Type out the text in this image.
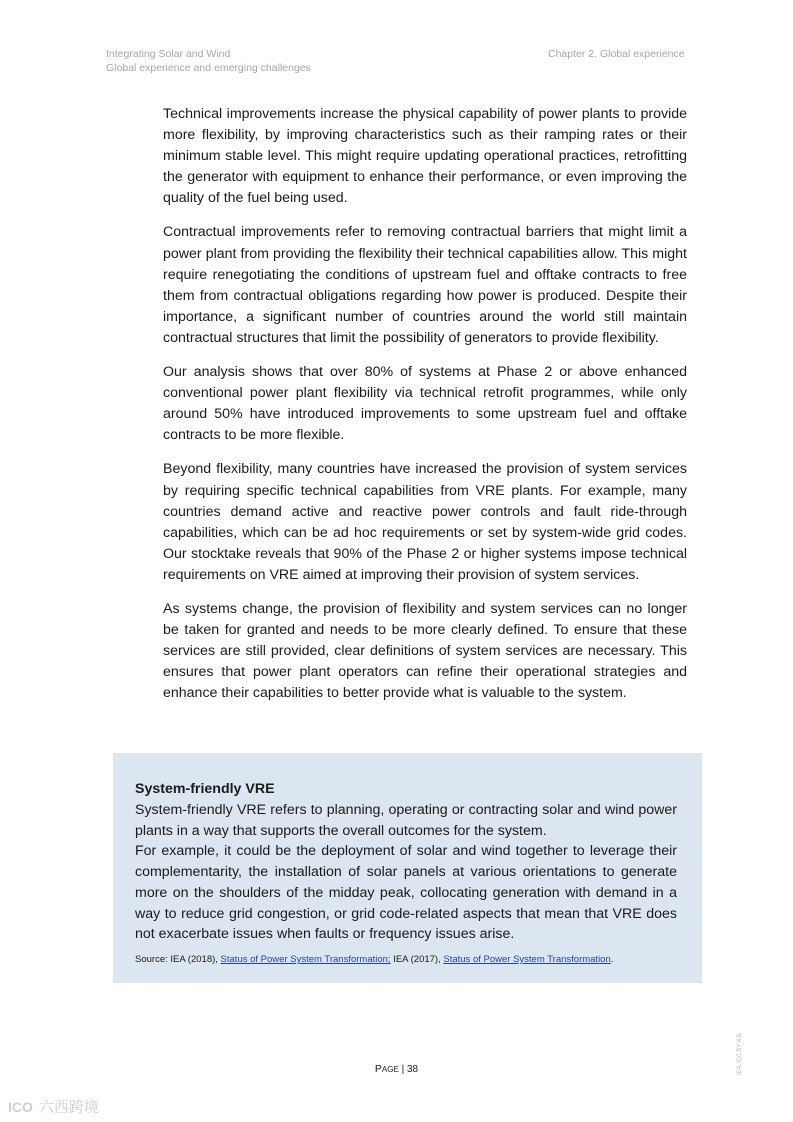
Integrating Solar and Wind
Global experience and emerging challenges
Chapter 2. Global experience

Technical improvements increase the physical capability of power plants to provide more flexibility, by improving characteristics such as their ramping rates or their minimum stable level. This might require updating operational practices, retrofitting the generator with equipment to enhance their performance, or even improving the quality of the fuel being used.

Contractual improvements refer to removing contractual barriers that might limit a power plant from providing the flexibility their technical capabilities allow. This might require renegotiating the conditions of upstream fuel and offtake contracts to free them from contractual obligations regarding how power is produced. Despite their importance, a significant number of countries around the world still maintain contractual structures that limit the possibility of generators to provide flexibility.

Our analysis shows that over 80% of systems at Phase 2 or above enhanced conventional power plant flexibility via technical retrofit programmes, while only around 50% have introduced improvements to some upstream fuel and offtake contracts to be more flexible.

Beyond flexibility, many countries have increased the provision of system services by requiring specific technical capabilities from VRE plants. For example, many countries demand active and reactive power controls and fault ride-through capabilities, which can be ad hoc requirements or set by system-wide grid codes. Our stocktake reveals that 90% of the Phase 2 or higher systems impose technical requirements on VRE aimed at improving their provision of system services.

As systems change, the provision of flexibility and system services can no longer be taken for granted and needs to be more clearly defined. To ensure that these services are still provided, clear definitions of system services are necessary. This ensures that power plant operators can refine their operational strategies and enhance their capabilities to better provide what is valuable to the system.

System-friendly VRE

System-friendly VRE refers to planning, operating or contracting solar and wind power plants in a way that supports the overall outcomes for the system.

For example, it could be the deployment of solar and wind together to leverage their complementarity, the installation of solar panels at various orientations to generate more on the shoulders of the midday peak, collocating generation with demand in a way to reduce grid congestion, or grid code-related aspects that mean that VRE does not exacerbate issues when faults or frequency issues arise.

Source: IEA (2018), Status of Power System Transformation; IEA (2017), Status of Power System Transformation.

PAGE | 38	IEA. CC BY 4.0.
ICO 六西跨境
